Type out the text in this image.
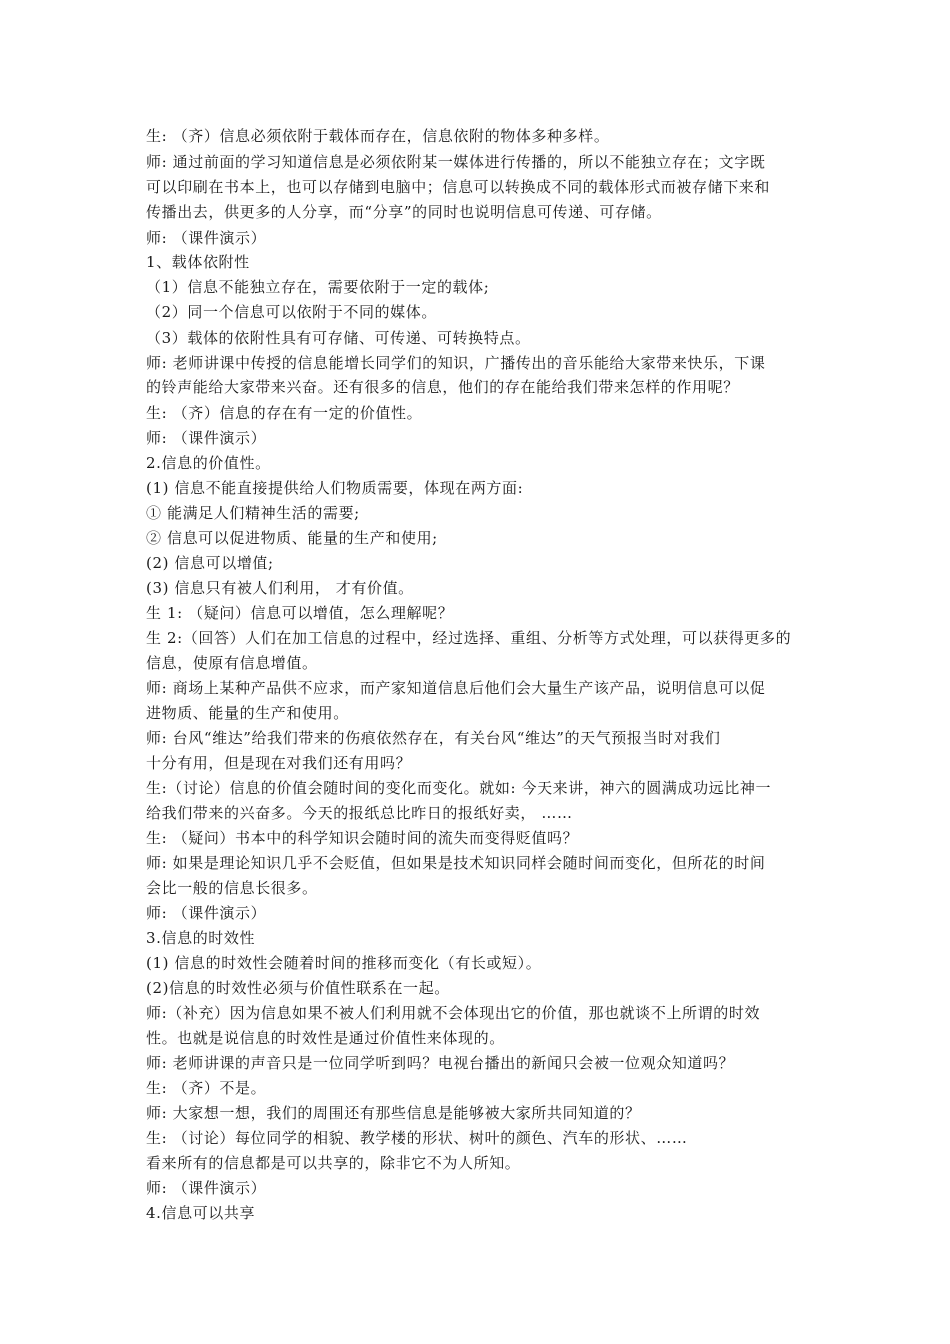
生: （齐）信息必须依附于载体而存在，信息依附的物体多种多样。
师: 通过前面的学习知道信息是必须依附某一媒体进行传播的，所以不能独立存在；文字既
可以印刷在书本上，也可以存储到电脑中；信息可以转换成不同的载体形式而被存储下来和
传播出去，供更多的人分享，而“分享”的同时也说明信息可传递、可存储。
师: （课件演示）
1、载体依附性
（1）信息不能独立存在，需要依附于一定的载体;
（2）同一个信息可以依附于不同的媒体。
（3）载体的依附性具有可存储、可传递、可转换特点。
师: 老师讲课中传授的信息能增长同学们的知识，广播传出的音乐能给大家带来快乐，下课
的铃声能给大家带来兴奋。还有很多的信息，他们的存在能给我们带来怎样的作用呢？
生: （齐）信息的存在有一定的价值性。
师: （课件演示）
2.信息的价值性。
(1) 信息不能直接提供给人们物质需要，体现在两方面:
① 能满足人们精神生活的需要;
② 信息可以促进物质、能量的生产和使用;
(2) 信息可以增值;
(3) 信息只有被人们利用， 才有价值。
生 1: （疑问）信息可以增值，怎么理解呢？
生 2:（回答）人们在加工信息的过程中，经过选择、重组、分析等方式处理，可以获得更多的
信息，使原有信息增值。
师: 商场上某种产品供不应求，而产家知道信息后他们会大量生产该产品，说明信息可以促
进物质、能量的生产和使用。
师: 台风“维达”给我们带来的伤痕依然存在，有关台风“维达”的天气预报当时对我们
十分有用，但是现在对我们还有用吗？
生:（讨论）信息的价值会随时间的变化而变化。就如: 今天来讲，神六的圆满成功远比神一
给我们带来的兴奋多。今天的报纸总比昨日的报纸好卖， ……
生: （疑问）书本中的科学知识会随时间的流失而变得贬值吗？
师: 如果是理论知识几乎不会贬值，但如果是技术知识同样会随时间而变化，但所花的时间
会比一般的信息长很多。
师: （课件演示）
3.信息的时效性
(1) 信息的时效性会随着时间的推移而变化（有长或短）。
(2)信息的时效性必须与价值性联系在一起。
师:（补充）因为信息如果不被人们利用就不会体现出它的价值，那也就谈不上所谓的时效
性。也就是说信息的时效性是通过价值性来体现的。
师: 老师讲课的声音只是一位同学听到吗？电视台播出的新闻只会被一位观众知道吗？
生: （齐）不是。
师: 大家想一想，我们的周围还有那些信息是能够被大家所共同知道的？
生: （讨论）每位同学的相貌、教学楼的形状、树叶的颜色、汽车的形状、……
看来所有的信息都是可以共享的，除非它不为人所知。
师: （课件演示）
4.信息可以共享
